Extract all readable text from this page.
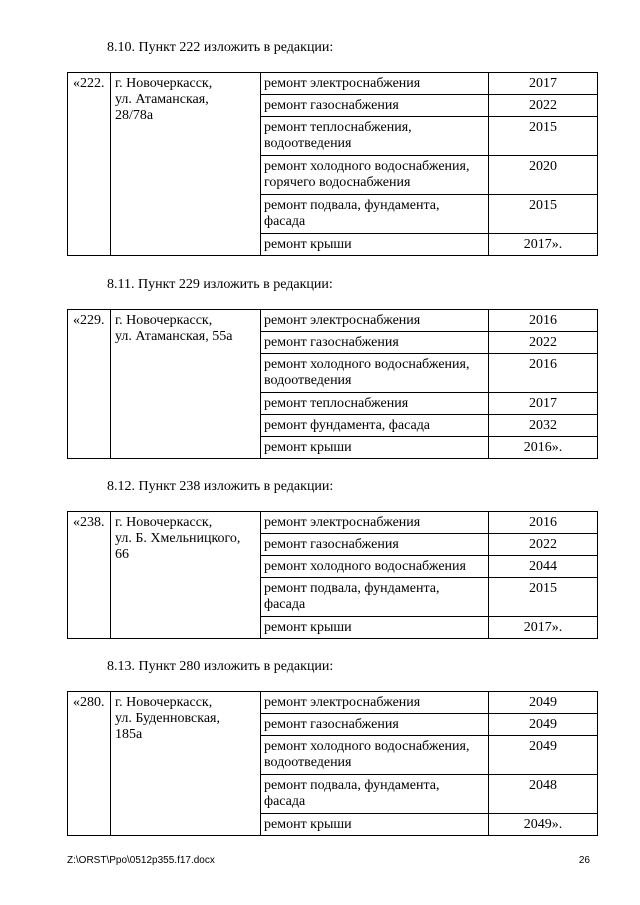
8.10. Пункт 222 изложить в редакции:
«222.	г. Новочеркасск,
ул. Атаманская,
28/78а	ремонт электроснабжения	2017
		ремонт газоснабжения	2022
		ремонт теплоснабжения,
водоотведения	2015
		ремонт холодного водоснабжения,
горячего водоснабжения	2020
		ремонт подвала, фундамента,
фасада	2015
		ремонт крыши	2017».
8.11. Пункт 229 изложить в редакции:
«229.	г. Новочеркасск,
ул. Атаманская, 55а	ремонт электроснабжения	2016
		ремонт газоснабжения	2022
		ремонт холодного водоснабжения,
водоотведения	2016
		ремонт теплоснабжения	2017
		ремонт фундамента, фасада	2032
		ремонт крыши	2016».
8.12. Пункт 238 изложить в редакции:
«238.	г. Новочеркасск,
ул. Б. Хмельницкого, 66	ремонт электроснабжения	2016
		ремонт газоснабжения	2022
		ремонт холодного водоснабжения	2044
		ремонт подвала, фундамента,
фасада	2015
		ремонт крыши	2017».
8.13. Пункт 280 изложить в редакции:
«280.	г. Новочеркасск,
ул. Буденновская,
185а	ремонт электроснабжения	2049
		ремонт газоснабжения	2049
		ремонт холодного водоснабжения,
водоотведения	2049
		ремонт подвала, фундамента,
фасада	2048
		ремонт крыши	2049».
Z:\ORST\Ppo\0512p355.f17.docx	26
